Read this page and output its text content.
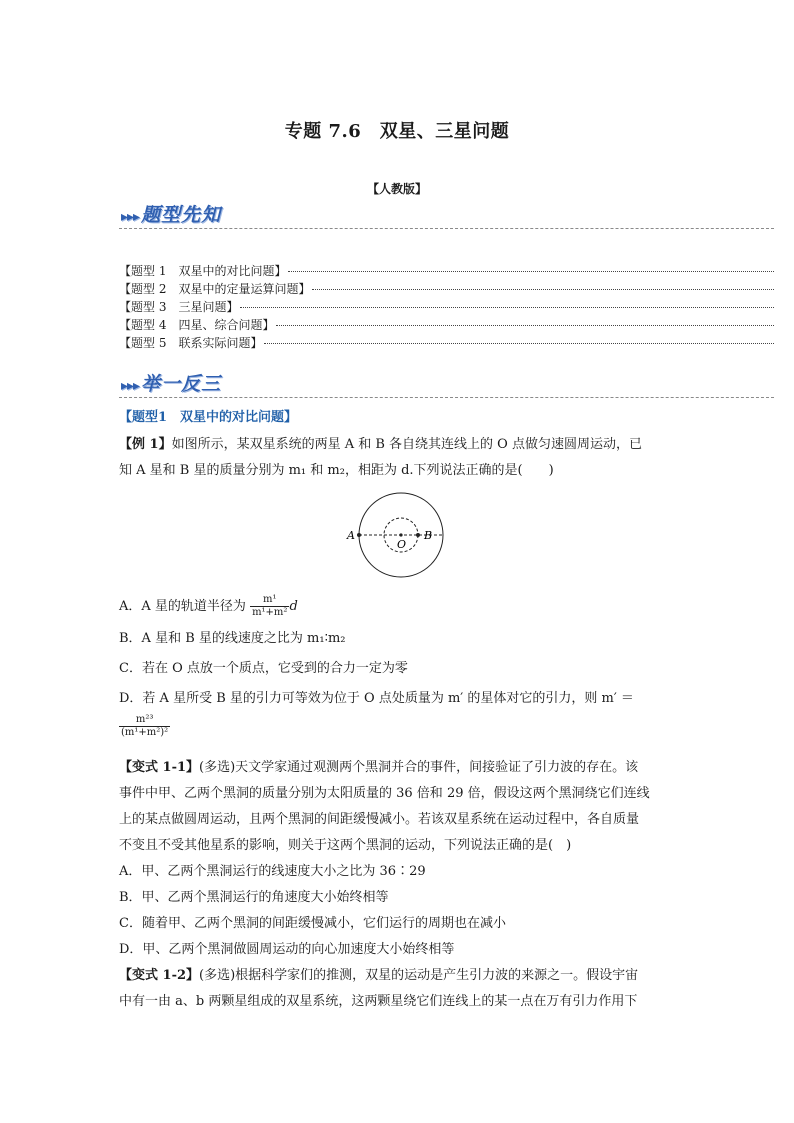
专题 7.6　双星、三星问题
【人教版】
▸▸▸ 题型先知
【题型 1　双星中的对比问题】
【题型 2　双星中的定量运算问题】
【题型 3　三星问题】
【题型 4　四星、综合问题】
【题型 5　联系实际问题】
▸▸▸ 举一反三
【题型1　双星中的对比问题】
【例 1】如图所示，某双星系统的两星 A 和 B 各自绕其连线上的 O 点做匀速圆周运动，已
知 A 星和 B 星的质量分别为 m₁ 和 m₂，相距为 d.下列说法正确的是(　　)
A	B
O
A．A 星的轨道半径为 $\frac{\text{m¹}}{\text{m¹+m²}}$ d
B．A 星和 B 星的线速度之比为 m₁∶m₂
C．若在 O 点放一个质点，它受到的合力一定为零
D．若 A 星所受 B 星的引力可等效为位于 O 点处质量为 m′ 的星体对它的引力，则 m′ ＝
$\frac{\text{m²³}}{\text{(m¹+m²)²}}$
【变式 1-1】(多选)天文学家通过观测两个黑洞并合的事件，间接验证了引力波的存在。该
事件中甲、乙两个黑洞的质量分别为太阳质量的 36 倍和 29 倍，假设这两个黑洞绕它们连线
上的某点做圆周运动，且两个黑洞的间距缓慢减小。若该双星系统在运动过程中，各自质量
不变且不受其他星系的影响，则关于这两个黑洞的运动，下列说法正确的是(　)
A．甲、乙两个黑洞运行的线速度大小之比为 36∶29
B．甲、乙两个黑洞运行的角速度大小始终相等
C．随着甲、乙两个黑洞的间距缓慢减小，它们运行的周期也在减小
D．甲、乙两个黑洞做圆周运动的向心加速度大小始终相等
【变式 1-2】(多选)根据科学家们的推测，双星的运动是产生引力波的来源之一。假设宇宙
中有一由 a、b 两颗星组成的双星系统，这两颗星绕它们连线上的某一点在万有引力作用下
